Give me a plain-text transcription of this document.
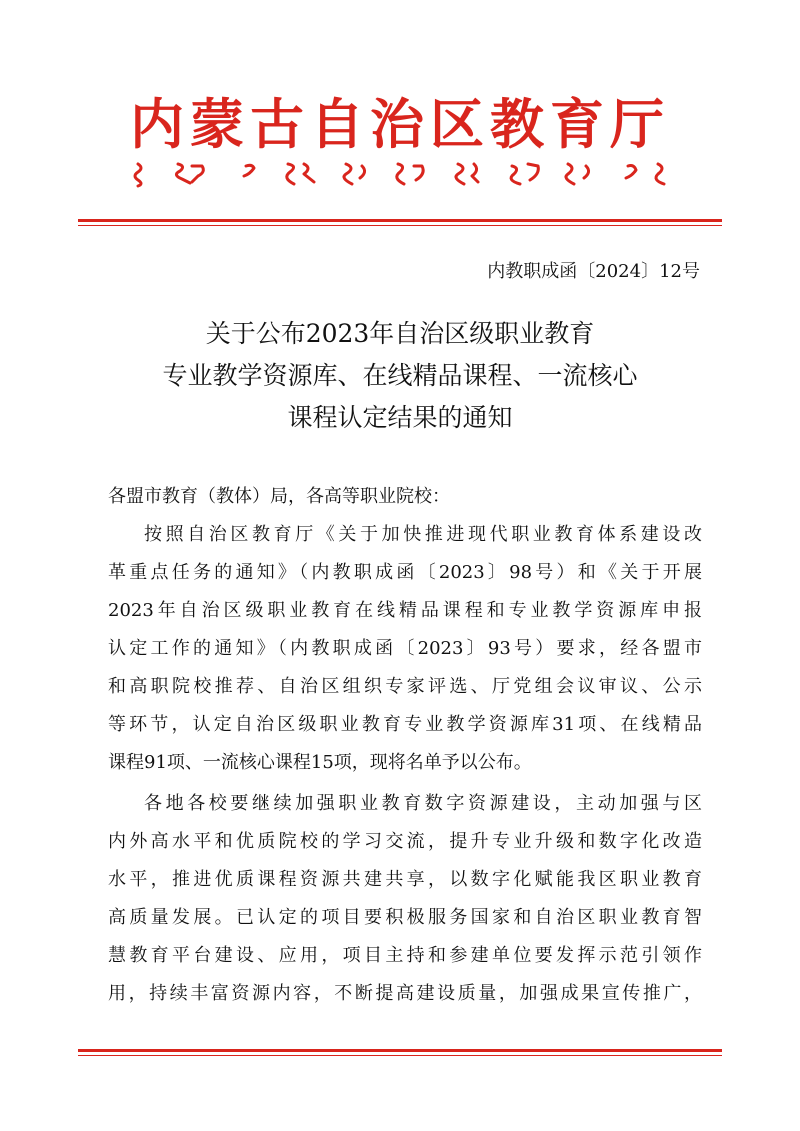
内蒙古自治区教育厅
内教职成函〔2024〕12号
关于公布2023年自治区级职业教育
专业教学资源库、在线精品课程、一流核心
课程认定结果的通知
各盟市教育（教体）局，各高等职业院校：
按照自治区教育厅《关于加快推进现代职业教育体系建设改
革重点任务的通知》（内教职成函〔2023〕98号）和《关于开展
2023年自治区级职业教育在线精品课程和专业教学资源库申报
认定工作的通知》（内教职成函〔2023〕93号）要求，经各盟市
和高职院校推荐、自治区组织专家评选、厅党组会议审议、公示
等环节，认定自治区级职业教育专业教学资源库31项、在线精品
课程91项、一流核心课程15项，现将名单予以公布。
各地各校要继续加强职业教育数字资源建设，主动加强与区
内外高水平和优质院校的学习交流，提升专业升级和数字化改造
水平，推进优质课程资源共建共享，以数字化赋能我区职业教育
高质量发展。已认定的项目要积极服务国家和自治区职业教育智
慧教育平台建设、应用，项目主持和参建单位要发挥示范引领作
用，持续丰富资源内容，不断提高建设质量，加强成果宣传推广，
